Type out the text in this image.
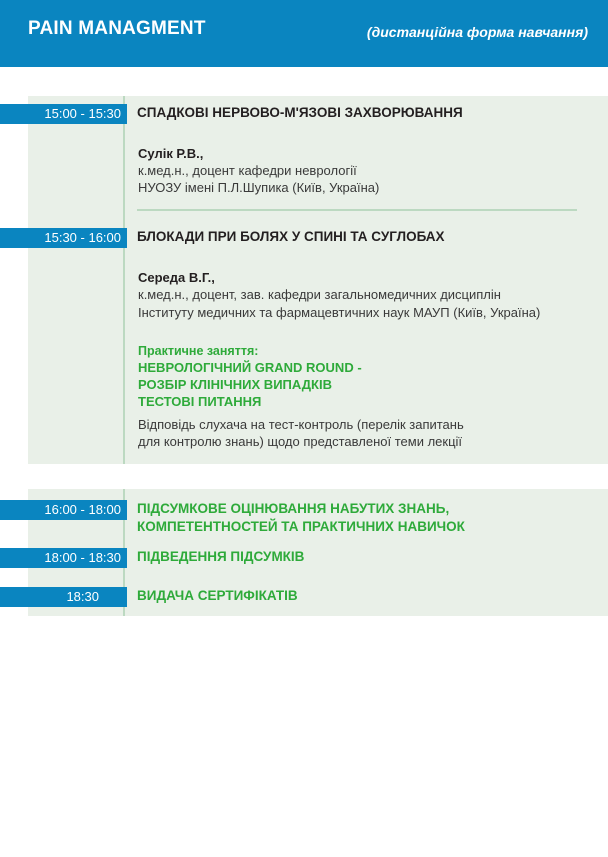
PAIN MANAGMENT	(дистанційна форма навчання)
15:00 - 15:30	СПАДКОВІ НЕРВОВО-М'ЯЗОВІ ЗАХВОРЮВАННЯ
Сулік Р.В.,
к.мед.н., доцент кафедри неврології
НУОЗУ імені П.Л.Шупика (Київ, Україна)
15:30 - 16:00	БЛОКАДИ ПРИ БОЛЯХ У СПИНІ ТА СУГЛОБАХ
Середа В.Г.,
к.мед.н., доцент, зав. кафедри загальномедичних дисциплін
Інституту медичних та фармацевтичних наук МАУП (Київ, Україна)
Практичне заняття:
НЕВРОЛОГІЧНИЙ GRAND ROUND -
РОЗБІР КЛІНІЧНИХ ВИПАДКІВ
ТЕСТОВІ ПИТАННЯ
Відповідь слухача на тест-контроль (перелік запитань
для контролю знань) щодо представленої теми лекції
16:00 - 18:00	ПІДСУМКОВЕ ОЦІНЮВАННЯ НАБУТИХ ЗНАНЬ,
КОМПЕТЕНТНОСТЕЙ ТА ПРАКТИЧНИХ НАВИЧОК
18:00 - 18:30	ПІДВЕДЕННЯ ПІДСУМКІВ
18:30	ВИДАЧА СЕРТИФІКАТІВ
